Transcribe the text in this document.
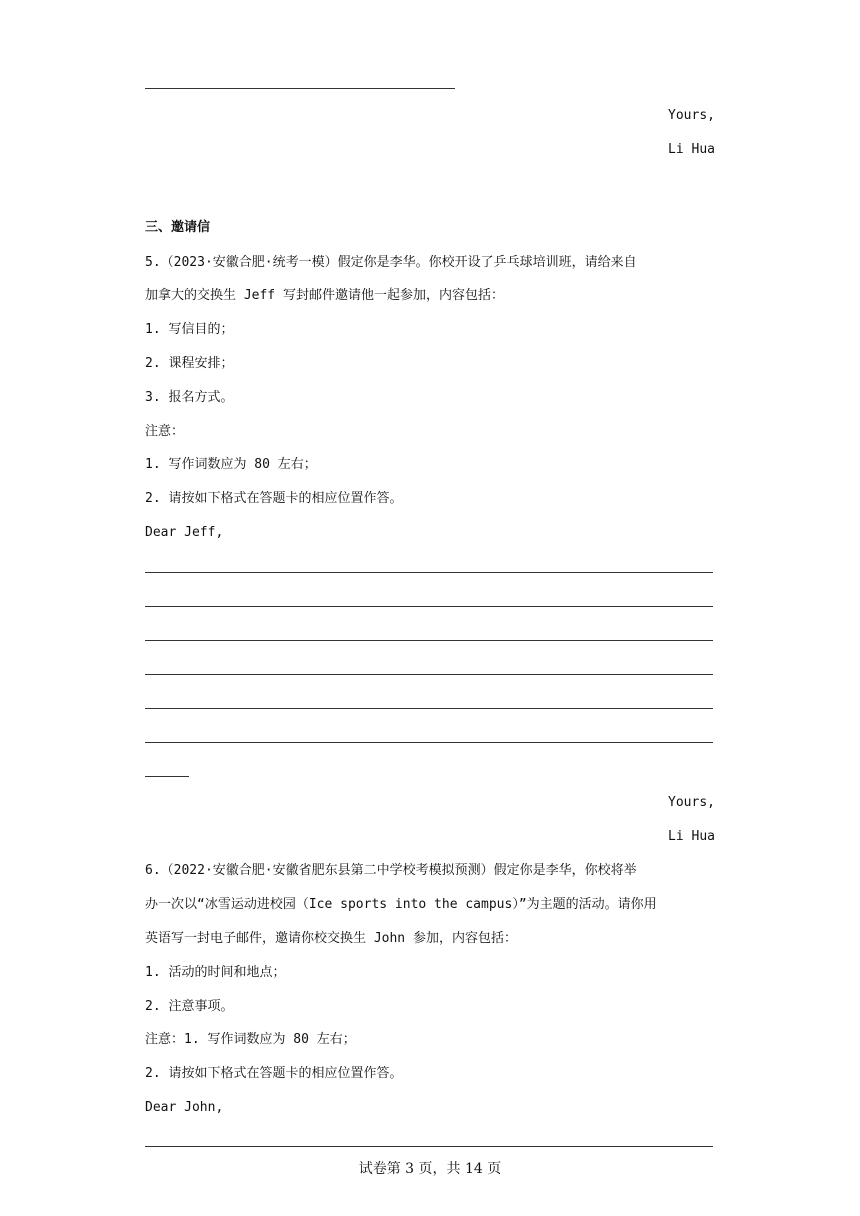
Yours,
Li Hua
三、邀请信
5.（2023·安徽合肥·统考一模）假定你是李华。你校开设了乒乓球培训班，请给来自
加拿大的交换生 Jeff 写封邮件邀请他一起参加，内容包括：
1. 写信目的；
2. 课程安排；
3. 报名方式。
注意：
1. 写作词数应为 80 左右；
2. 请按如下格式在答题卡的相应位置作答。
Dear Jeff,
Yours,
Li Hua
6.（2022·安徽合肥·安徽省肥东县第二中学校考模拟预测）假定你是李华，你校将举
办一次以“冰雪运动进校园（Ice sports into the campus）”为主题的活动。请你用
英语写一封电子邮件，邀请你校交换生 John 参加，内容包括：
1. 活动的时间和地点；
2. 注意事项。
注意：1. 写作词数应为 80 左右；
2. 请按如下格式在答题卡的相应位置作答。
Dear John,
试卷第 3 页，共 14 页
